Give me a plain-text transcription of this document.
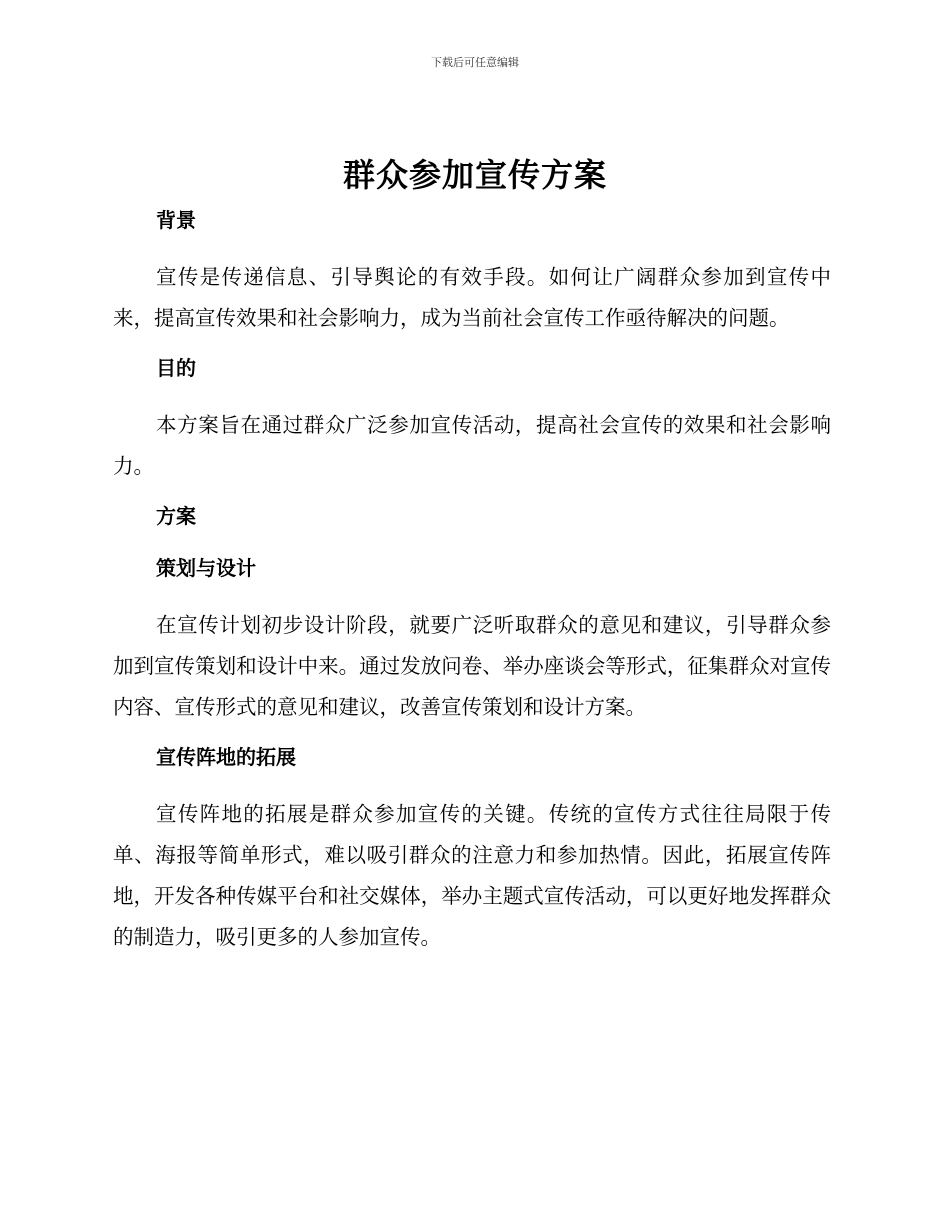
下载后可任意编辑
群众参加宣传方案
背景

宣传是传递信息、引导舆论的有效手段。如何让广阔群众参加到宣传中来，提高宣传效果和社会影响力，成为当前社会宣传工作亟待解决的问题。

目的

本方案旨在通过群众广泛参加宣传活动，提高社会宣传的效果和社会影响力。

方案
策划与设计

在宣传计划初步设计阶段，就要广泛听取群众的意见和建议，引导群众参加到宣传策划和设计中来。通过发放问卷、举办座谈会等形式，征集群众对宣传内容、宣传形式的意见和建议，改善宣传策划和设计方案。

宣传阵地的拓展

宣传阵地的拓展是群众参加宣传的关键。传统的宣传方式往往局限于传单、海报等简单形式，难以吸引群众的注意力和参加热情。因此，拓展宣传阵地，开发各种传媒平台和社交媒体，举办主题式宣传活动，可以更好地发挥群众的制造力，吸引更多的人参加宣传。
